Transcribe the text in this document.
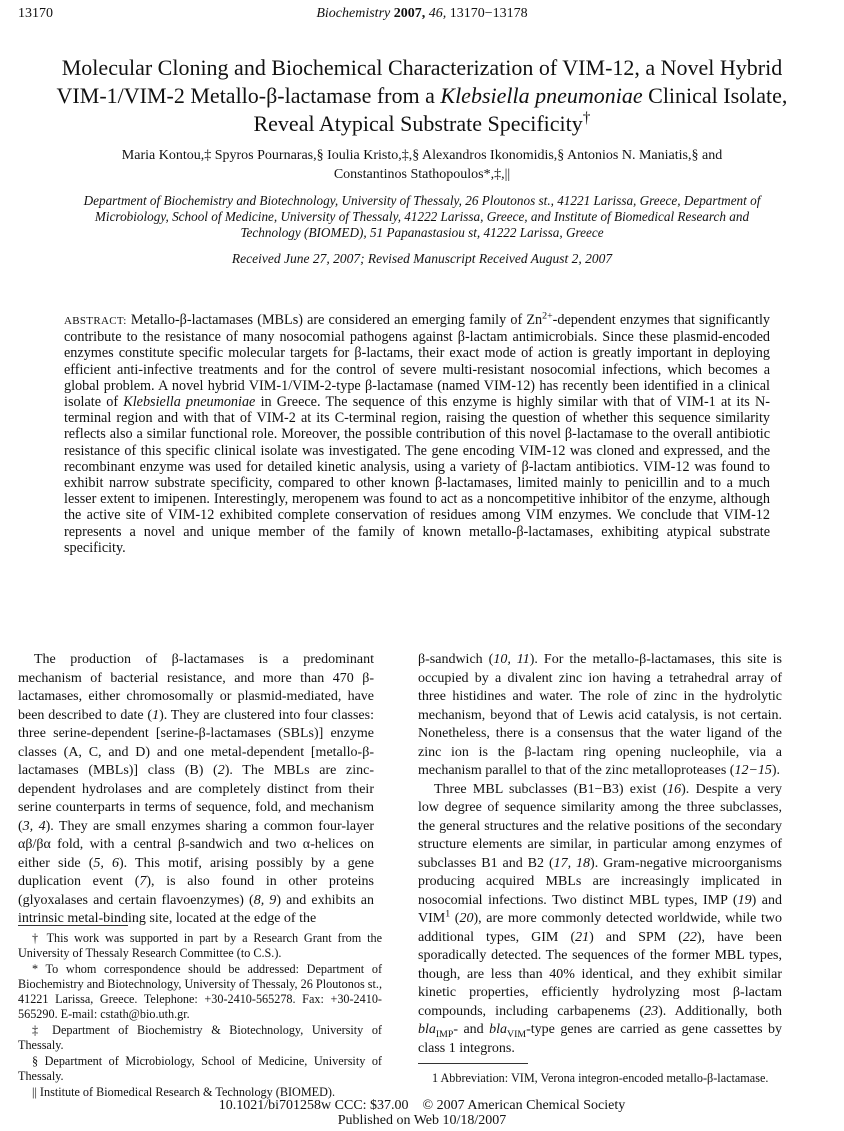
13170	Biochemistry 2007, 46, 13170−13178
Molecular Cloning and Biochemical Characterization of VIM-12, a Novel Hybrid
VIM-1/VIM-2 Metallo-β-lactamase from a Klebsiella pneumoniae Clinical Isolate,
Reveal Atypical Substrate Specificity†
Maria Kontou,‡ Spyros Pournaras,§ Ioulia Kristo,‡,§ Alexandros Ikonomidis,§ Antonios N. Maniatis,§ and
Constantinos Stathopoulos*,‡,||
Department of Biochemistry and Biotechnology, University of Thessaly, 26 Ploutonos st., 41221 Larissa, Greece, Department of
Microbiology, School of Medicine, University of Thessaly, 41222 Larissa, Greece, and Institute of Biomedical Research and
Technology (BIOMED), 51 Papanastasiou st, 41222 Larissa, Greece
Received June 27, 2007; Revised Manuscript Received August 2, 2007
ABSTRACT: Metallo-β-lactamases (MBLs) are considered an emerging family of $Zn^{2+}$-dependent enzymes that significantly contribute to the resistance of many nosocomial pathogens against β-lactam antimicrobials. Since these plasmid-encoded enzymes constitute specific molecular targets for β-lactams, their exact mode of action is greatly important in deploying efficient anti-infective treatments and for the control of severe multi-resistant nosocomial infections, which becomes a global problem. A novel hybrid VIM-1/VIM-2-type β-lactamase (named VIM-12) has recently been identified in a clinical isolate of Klebsiella pneumoniae in Greece. The sequence of this enzyme is highly similar with that of VIM-1 at its N-terminal region and with that of VIM-2 at its C-terminal region, raising the question of whether this sequence similarity reflects also a similar functional role. Moreover, the possible contribution of this novel β-lactamase to the overall antibiotic resistance of this specific clinical isolate was investigated. The gene encoding VIM-12 was cloned and expressed, and the recombinant enzyme was used for detailed kinetic analysis, using a variety of β-lactam antibiotics. VIM-12 was found to exhibit narrow substrate specificity, compared to other known β-lactamases, limited mainly to penicillin and to a much lesser extent to imipenen. Interestingly, meropenem was found to act as a noncompetitive inhibitor of the enzyme, although the active site of VIM-12 exhibited complete conservation of residues among VIM enzymes. We conclude that VIM-12 represents a novel and unique member of the family of known metallo-β-lactamases, exhibiting atypical substrate specificity.

The production of β-lactamases is a predominant mechanism of bacterial resistance, and more than 470 β-lactamases, either chromosomally or plasmid-mediated, have been described to date (1). They are clustered into four classes: three serine-dependent [serine-β-lactamases (SBLs)] enzyme classes (A, C, and D) and one metal-dependent [metallo-β-lactamases (MBLs)] class (B) (2). The MBLs are zinc-dependent hydrolases and are completely distinct from their serine counterparts in terms of sequence, fold, and mechanism (3, 4). They are small enzymes sharing a common four-layer αβ/βα fold, with a central β-sandwich and two α-helices on either side (5, 6). This motif, arising possibly by a gene duplication event (7), is also found in other proteins (glyoxalases and certain flavoenzymes) (8, 9) and exhibits an intrinsic metal-binding site, located at the edge of the

β-sandwich (10, 11). For the metallo-β-lactamases, this site is occupied by a divalent zinc ion having a tetrahedral array of three histidines and water. The role of zinc in the hydrolytic mechanism, beyond that of Lewis acid catalysis, is not certain. Nonetheless, there is a consensus that the water ligand of the zinc ion is the β-lactam ring opening nucleophile, via a mechanism parallel to that of the zinc metalloproteases (12−15).

Three MBL subclasses (B1−B3) exist (16). Despite a very low degree of sequence similarity among the three subclasses, the general structures and the relative positions of the secondary structure elements are similar, in particular among enzymes of subclasses B1 and B2 (17, 18). Gram-negative microorganisms producing acquired MBLs are increasingly implicated in nosocomial infections. Two distinct MBL types, IMP (19) and VIM$^1$ (20), are more commonly detected worldwide, while two additional types, GIM (21) and SPM (22), have been sporadically detected. The sequences of the former MBL types, though, are less than 40% identical, and they exhibit similar kinetic properties, efficiently hydrolyzing most β-lactam compounds, including carbapenems (23). Additionally, both bla$_{IMP}$- and bla$_{VIM}$-type genes are carried as gene cassettes by class 1 integrons.

† This work was supported in part by a Research Grant from the University of Thessaly Research Committee (to C.S.).

* To whom correspondence should be addressed: Department of Biochemistry and Biotechnology, University of Thessaly, 26 Ploutonos st., 41221 Larissa, Greece. Telephone: +30-2410-565278. Fax: +30-2410-565290. E-mail: cstath@bio.uth.gr.

‡ Department of Biochemistry & Biotechnology, University of Thessaly.

§ Department of Microbiology, School of Medicine, University of Thessaly.

|| Institute of Biomedical Research & Technology (BIOMED).

1 Abbreviation: VIM, Verona integron-encoded metallo-β-lactamase.

10.1021/bi701258w CCC: $37.00    © 2007 American Chemical Society
Published on Web 10/18/2007
